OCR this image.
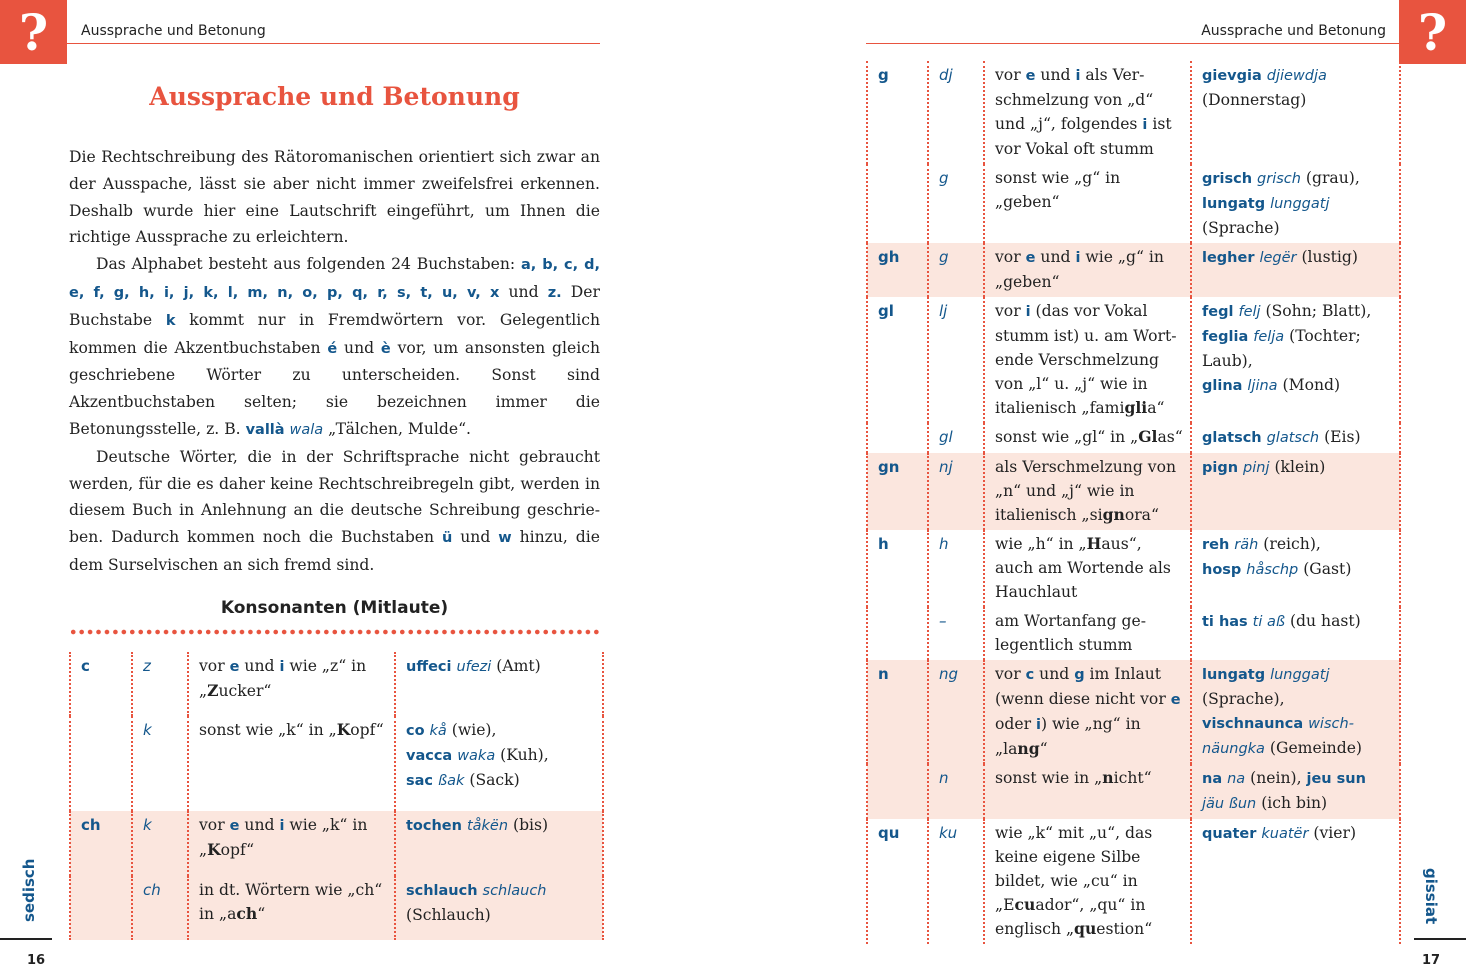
?	Aussprache und Betonung
Aussprache und Betonung

Die Rechtschreibung des Rätoromanischen orientiert sich zwar an der Ausspache, lässt sie aber nicht immer zweifelsfrei erkennen. Deshalb wurde hier eine Lautschrift eingeführt, um Ihnen die richtige Aussprache zu erleichtern.

Das Alphabet besteht aus folgenden 24 Buchstaben: a, b, c, d, e, f, g, h, i, j, k, l, m, n, o, p, q, r, s, t, u, v, x und z. Der Buchstabe k kommt nur in Fremdwörtern vor. Gelegentlich kommen die Akzentbuchstaben é und è vor, um ansonsten gleich geschriebene Wörter zu unterscheiden. Sonst sind Akzentbuchstaben selten; sie bezeichnen immer die Betonungsstelle, z. B. vallà wala „Tälchen, Mulde“.

Deutsche Wörter, die in der Schriftsprache nicht gebraucht werden, für die es daher keine Rechtschreibregeln gibt, werden in diesem Buch in Anlehnung an die deutsche Schreibung geschrieben. Dadurch kommen noch die Buchstaben ü und w hinzu, die dem Surselvischen an sich fremd sind.

Konsonanten (Mitlaute)
c	z	vor e und i wie „z“ in „Zucker“	uffeci ufezi (Amt)
	k	sonst wie „k“ in „Kopf“	co kå (wie),
vacca waka (Kuh),
sac ßak (Sack)
ch	k	vor e und i wie „k“ in „Kopf“	tochen tåkën (bis)
	ch	in dt. Wörtern wie „ch“ in „ach“	schlauch schlauch
(Schlauch)
sedisch
16
Aussprache und Betonung ?
g	dj	vor e und i als Verschmelzung von „d“ und „j“, folgendes i ist vor Vokal oft stumm	gievgia djiewdja
(Donnerstag)
	g	sonst wie „g“ in „geben“	grisch grisch (grau),
lungatg lunggatj
(Sprache)
gh	g	vor e und i wie „g“ in „geben“	legher legër (lustig)
gl	lj	vor i (das vor Vokal stumm ist) u. am Wortende Verschmelzung von „l“ u. „j“ wie in italienisch „famiglia“	fegl felj (Sohn; Blatt),
feglia felja (Tochter; Laub),
glina ljina (Mond)
	gl	sonst wie „gl“ in „Glas“	glatsch glatsch (Eis)
gn	nj	als Verschmelzung von „n“ und „j“ wie in italienisch „signora“	pign pinj (klein)
h	h	wie „h“ in „Haus“, auch am Wortende als Hauchlaut	reh räh (reich),
hosp håschp (Gast)
	–	am Wortanfang gelegentlich stumm	ti has ti aß (du hast)
n	ng	vor c und g im Inlaut (wenn diese nicht vor e oder i) wie „ng“ in „lang“	lungatg lunggatj
(Sprache),
vischnaunca wischnäungka (Gemeinde)
	n	sonst wie in „nicht“	na na (nein), jeu sun jäu ßun (ich bin)
qu	ku	wie „k“ mit „u“, das keine eigene Silbe bildet, wie „cu“ in „Ecuador“, „qu“ in englisch „question“	quater kuatër (vier)
gissiat
17
